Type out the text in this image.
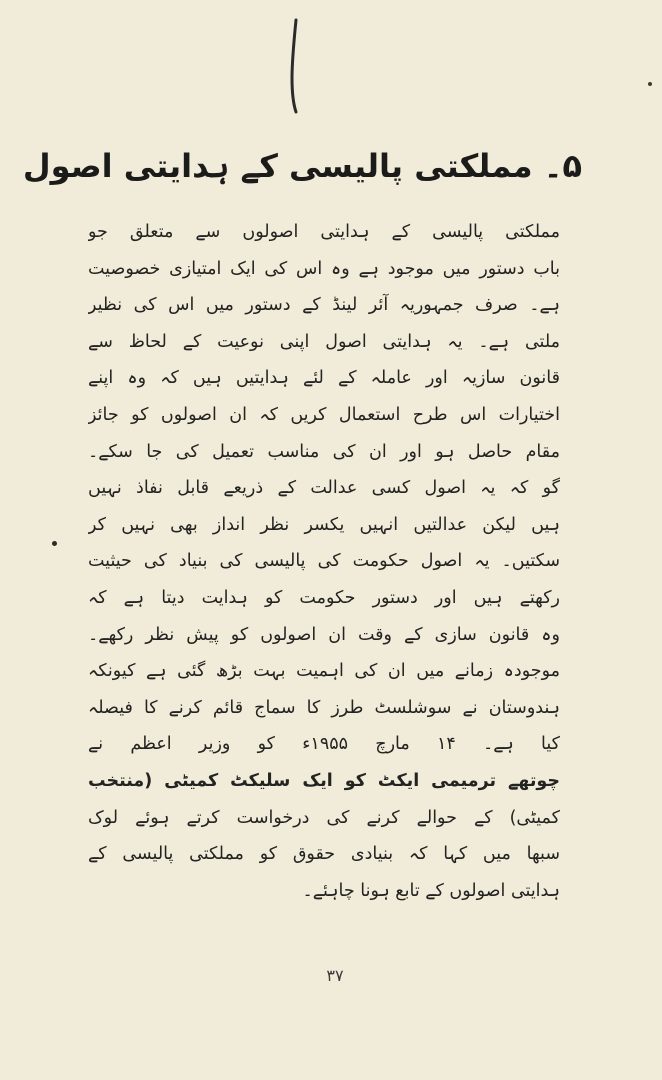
۵۔ مملکتی پالیسی کے ہدایتی اصول
مملکتی پالیسی کے ہدایتی اصولوں سے متعلق جو
باب دستور میں موجود ہے وہ اس کی ایک امتیازی خصوصیت
ہے۔ صرف جمہوریہ آئر لینڈ کے دستور میں اس کی نظیر
ملتی ہے۔ یہ ہدایتی اصول اپنی نوعیت کے لحاظ سے
قانون سازیہ اور عاملہ کے لئے ہدایتیں ہیں کہ وہ اپنے
اختیارات اس طرح استعمال کریں کہ ان اصولوں کو جائز
مقام حاصل ہو اور ان کی مناسب تعمیل کی جا سکے۔
گو کہ یہ اصول کسی عدالت کے ذریعے قابل نفاذ نہیں
ہیں لیکن عدالتیں انہیں یکسر نظر انداز بھی نہیں کر
سکتیں۔ یہ اصول حکومت کی پالیسی کی بنیاد کی حیثیت
رکھتے ہیں اور دستور حکومت کو ہدایت دیتا ہے کہ
وہ قانون سازی کے وقت ان اصولوں کو پیش نظر رکھے۔
موجودہ زمانے میں ان کی اہمیت بہت بڑھ گئی ہے کیونکہ
ہندوستان نے سوشلسٹ طرز کا سماج قائم کرنے کا فیصلہ
کیا ہے۔ ۱۴ مارچ ۱۹۵۵ء کو وزیر اعظم نے
چوتھے ترمیمی ایکٹ کو ایک سلیکٹ کمیٹی (منتخب
کمیٹی) کے حوالے کرنے کی درخواست کرتے ہوئے لوک
سبھا میں کہا کہ بنیادی حقوق کو مملکتی پالیسی کے
ہدایتی اصولوں کے تابع ہونا چاہئے۔
۳۷
